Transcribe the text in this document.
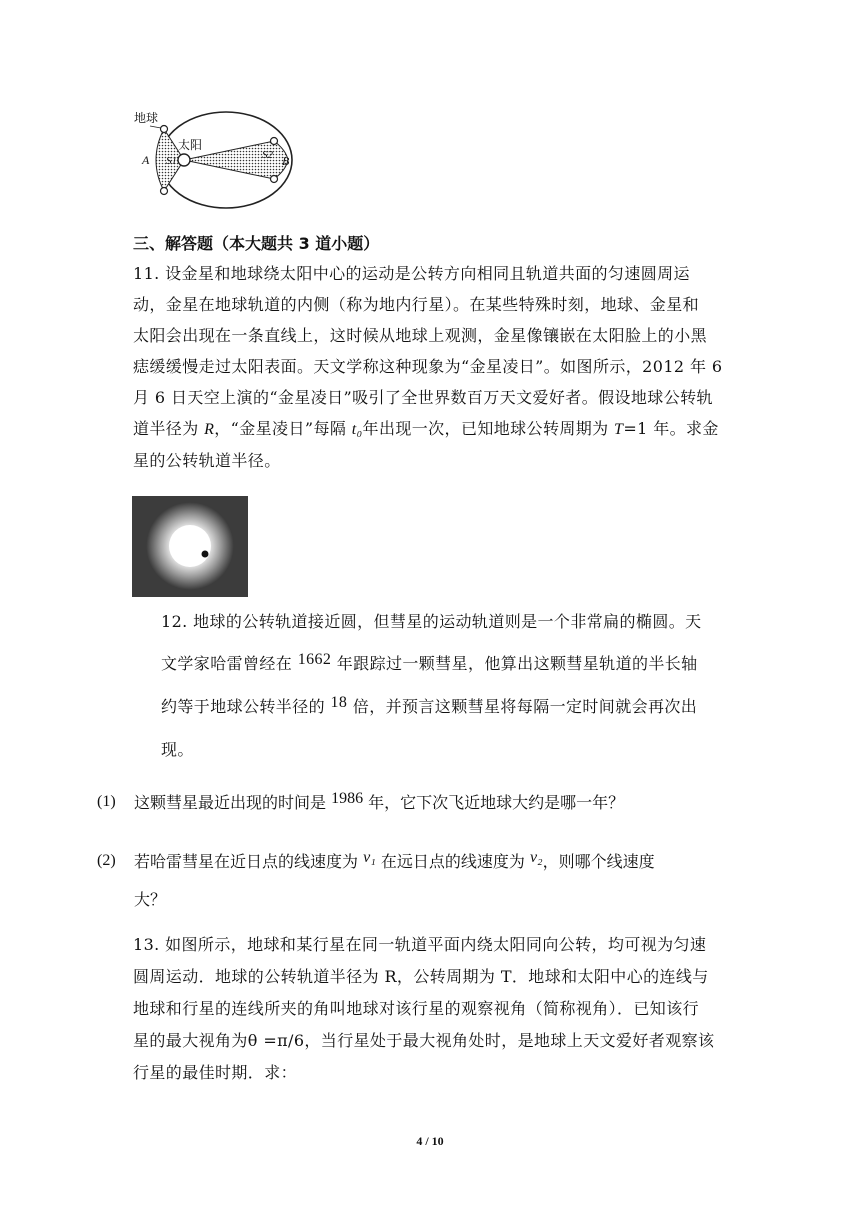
地球
太阳
A	B
S1	S2
三、解答题（本大题共 3 道小题）
11. 设金星和地球绕太阳中心的运动是公转方向相同且轨道共面的匀速圆周运
动，金星在地球轨道的内侧（称为地内行星）。在某些特殊时刻，地球、金星和
太阳会出现在一条直线上，这时候从地球上观测，金星像镶嵌在太阳脸上的小黑
痣缓缓慢走过太阳表面。天文学称这种现象为“金星凌日”。如图所示，2012 年 6
月 6 日天空上演的“金星凌日”吸引了全世界数百万天文爱好者。假设地球公转轨
道半径为 R，“金星凌日”每隔 t₀年出现一次，已知地球公转周期为 T=1 年。求金
星的公转轨道半径。
12. 地球的公转轨道接近圆，但彗星的运动轨道则是一个非常扁的椭圆。天
文学家哈雷曾经在 1662 年跟踪过一颗彗星，他算出这颗彗星轨道的半长轴
约等于地球公转半径的 18 倍，并预言这颗彗星将每隔一定时间就会再次出
现。
(1) 这颗彗星最近出现的时间是 1986 年，它下次飞近地球大约是哪一年？
(2) 若哈雷彗星在近日点的线速度为 v₁ 在远日点的线速度为 v₂，则哪个线速度
大？
13. 如图所示，地球和某行星在同一轨道平面内绕太阳同向公转，均可视为匀速
圆周运动．地球的公转轨道半径为 R，公转周期为 T．地球和太阳中心的连线与
地球和行星的连线所夹的角叫地球对该行星的观察视角（简称视角）．已知该行
星的最大视角为θ =π/6，当行星处于最大视角处时，是地球上天文爱好者观察该
行星的最佳时期．求：
4 / 10
